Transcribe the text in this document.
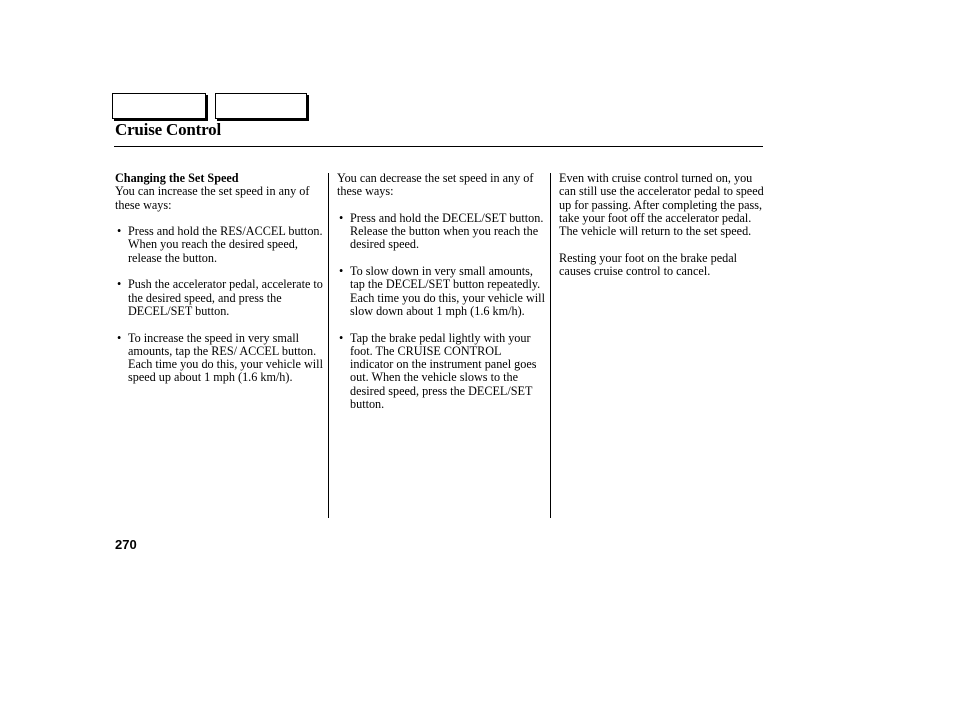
Cruise Control

Changing the Set Speed

You can increase the set speed in any of these ways:

• Press and hold the RES/ACCEL button. When you reach the desired speed, release the button.
• Push the accelerator pedal, accelerate to the desired speed, and press the DECEL/SET button.
• To increase the speed in very small amounts, tap the RES/ ACCEL button. Each time you do this, your vehicle will speed up about 1 mph (1.6 km/h).

You can decrease the set speed in any of these ways:

• Press and hold the DECEL/SET button. Release the button when you reach the desired speed.
• To slow down in very small amounts, tap the DECEL/SET button repeatedly. Each time you do this, your vehicle will slow down about 1 mph (1.6 km/h).
• Tap the brake pedal lightly with your foot. The CRUISE CONTROL indicator on the instrument panel goes out. When the vehicle slows to the desired speed, press the DECEL/SET button.

Even with cruise control turned on, you can still use the accelerator pedal to speed up for passing. After completing the pass, take your foot off the accelerator pedal. The vehicle will return to the set speed.

Resting your foot on the brake pedal causes cruise control to cancel.

270
